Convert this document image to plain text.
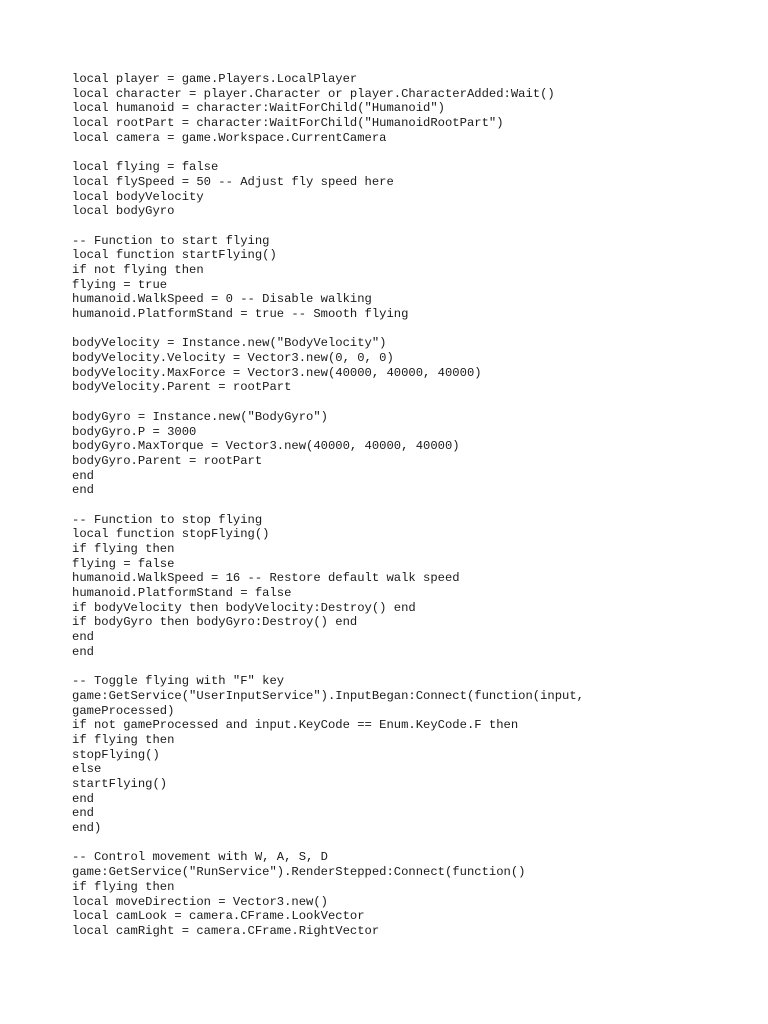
local player = game.Players.LocalPlayer
local character = player.Character or player.CharacterAdded:Wait()
local humanoid = character:WaitForChild("Humanoid")
local rootPart = character:WaitForChild("HumanoidRootPart")
local camera = game.Workspace.CurrentCamera
local flying = false
local flySpeed = 50 -- Adjust fly speed here
local bodyVelocity
local bodyGyro
-- Function to start flying
local function startFlying()
if not flying then
flying = true
humanoid.WalkSpeed = 0 -- Disable walking
humanoid.PlatformStand = true -- Smooth flying
bodyVelocity = Instance.new("BodyVelocity")
bodyVelocity.Velocity = Vector3.new(0, 0, 0)
bodyVelocity.MaxForce = Vector3.new(40000, 40000, 40000)
bodyVelocity.Parent = rootPart
bodyGyro = Instance.new("BodyGyro")
bodyGyro.P = 3000
bodyGyro.MaxTorque = Vector3.new(40000, 40000, 40000)
bodyGyro.Parent = rootPart
end
end
-- Function to stop flying
local function stopFlying()
if flying then
flying = false
humanoid.WalkSpeed = 16 -- Restore default walk speed
humanoid.PlatformStand = false
if bodyVelocity then bodyVelocity:Destroy() end
if bodyGyro then bodyGyro:Destroy() end
end
end
-- Toggle flying with "F" key
game:GetService("UserInputService").InputBegan:Connect(function(input,
gameProcessed)
if not gameProcessed and input.KeyCode == Enum.KeyCode.F then
if flying then
stopFlying()
else
startFlying()
end
end
end)
-- Control movement with W, A, S, D
game:GetService("RunService").RenderStepped:Connect(function()
if flying then
local moveDirection = Vector3.new()
local camLook = camera.CFrame.LookVector
local camRight = camera.CFrame.RightVector
